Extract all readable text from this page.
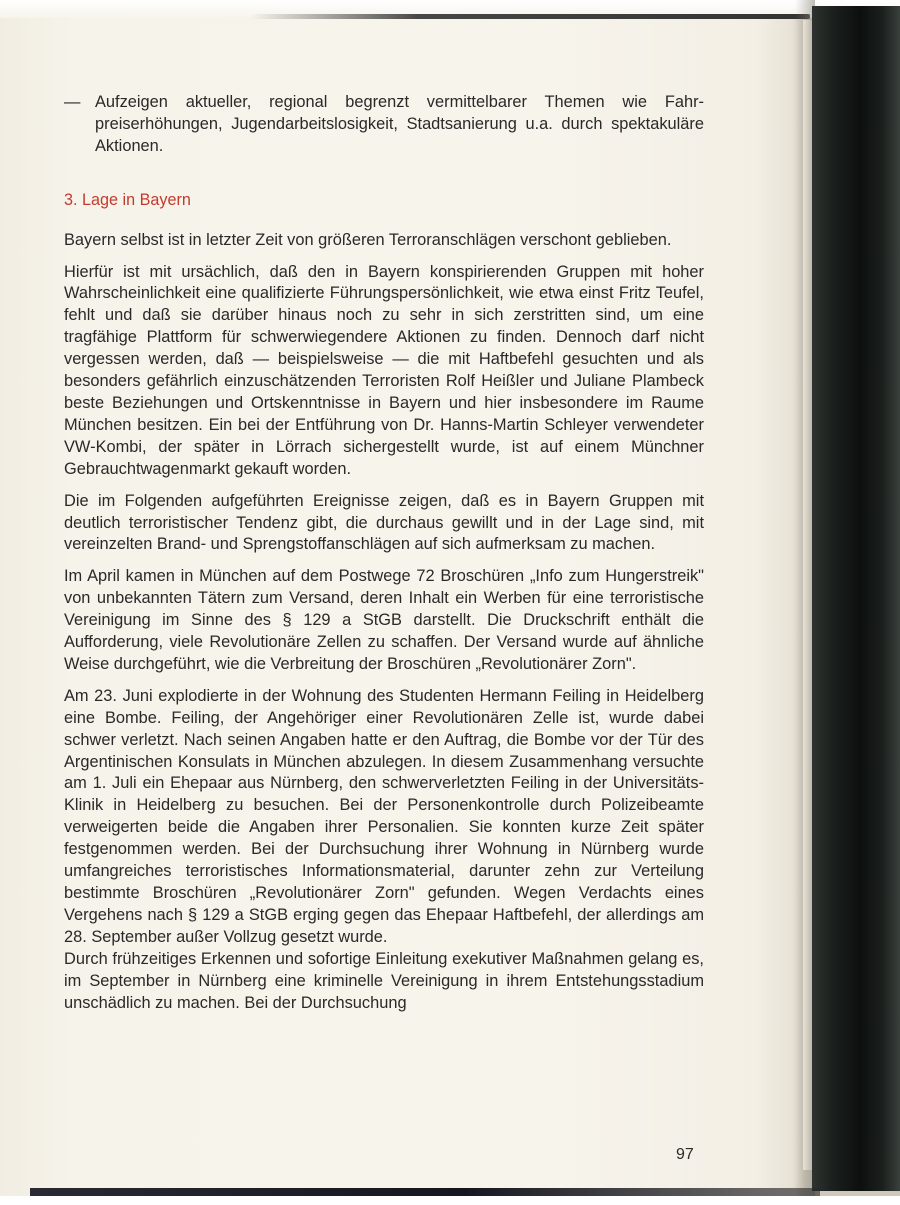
— Aufzeigen aktueller, regional begrenzt vermittelbarer Themen wie Fahrpreiserhöhungen, Jugendarbeitslosigkeit, Stadtsanierung u.a. durch spektakuläre Aktionen.
3. Lage in Bayern

Bayern selbst ist in letzter Zeit von größeren Terroranschlägen verschont geblieben.

Hierfür ist mit ursächlich, daß den in Bayern konspirierenden Gruppen mit hoher Wahrscheinlichkeit eine qualifizierte Führungspersönlichkeit, wie etwa einst Fritz Teufel, fehlt und daß sie darüber hinaus noch zu sehr in sich zerstritten sind, um eine tragfähige Plattform für schwerwiegendere Aktionen zu finden. Dennoch darf nicht vergessen werden, daß — beispielsweise — die mit Haftbefehl gesuchten und als besonders gefährlich einzuschätzenden Terroristen Rolf Heißler und Juliane Plambeck beste Beziehungen und Ortskenntnisse in Bayern und hier insbesondere im Raume München besitzen. Ein bei der Entführung von Dr. Hanns-Martin Schleyer verwendeter VW-Kombi, der später in Lörrach sichergestellt wurde, ist auf einem Münchner Gebrauchtwagenmarkt gekauft worden.

Die im Folgenden aufgeführten Ereignisse zeigen, daß es in Bayern Gruppen mit deutlich terroristischer Tendenz gibt, die durchaus gewillt und in der Lage sind, mit vereinzelten Brand- und Sprengstoffanschlägen auf sich aufmerksam zu machen.

Im April kamen in München auf dem Postwege 72 Broschüren „Info zum Hungerstreik" von unbekannten Tätern zum Versand, deren Inhalt ein Werben für eine terroristische Vereinigung im Sinne des § 129 a StGB darstellt. Die Druckschrift enthält die Aufforderung, viele Revolutionäre Zellen zu schaffen. Der Versand wurde auf ähnliche Weise durchgeführt, wie die Verbreitung der Broschüren „Revolutionärer Zorn".

Am 23. Juni explodierte in der Wohnung des Studenten Hermann Feiling in Heidelberg eine Bombe. Feiling, der Angehöriger einer Revolutionären Zelle ist, wurde dabei schwer verletzt. Nach seinen Angaben hatte er den Auftrag, die Bombe vor der Tür des Argentinischen Konsulats in München abzulegen. In diesem Zusammenhang versuchte am 1. Juli ein Ehepaar aus Nürnberg, den schwerverletzten Feiling in der Universitäts-Klinik in Heidelberg zu besuchen. Bei der Personenkontrolle durch Polizeibeamte verweigerten beide die Angaben ihrer Personalien. Sie konnten kurze Zeit später festgenommen werden. Bei der Durchsuchung ihrer Wohnung in Nürnberg wurde umfangreiches terroristisches Informationsmaterial, darunter zehn zur Verteilung bestimmte Broschüren „Revolutionärer Zorn" gefunden. Wegen Verdachts eines Vergehens nach § 129 a StGB erging gegen das Ehepaar Haftbefehl, der allerdings am 28. September außer Vollzug gesetzt wurde.

Durch frühzeitiges Erkennen und sofortige Einleitung exekutiver Maßnahmen gelang es, im September in Nürnberg eine kriminelle Vereinigung in ihrem Entstehungsstadium unschädlich zu machen. Bei der Durchsuchung

97
